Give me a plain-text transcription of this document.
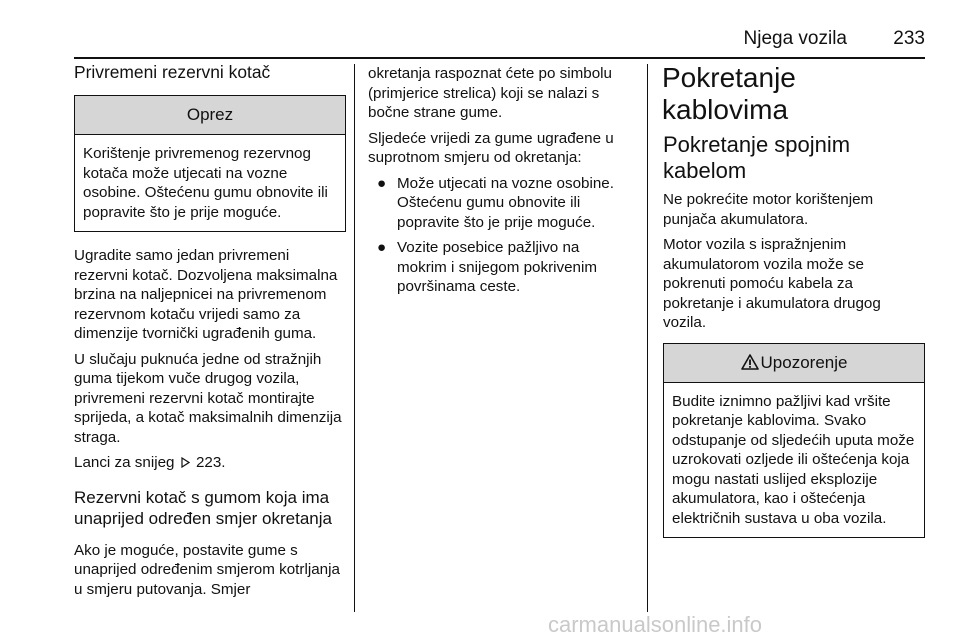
Njega vozila 233
Privremeni rezervni kotač
Oprez
Korištenje privremenog rezervnog kotača može utjecati na vozne osobine. Oštećenu gumu obnovite ili popravite što je prije moguće.

Ugradite samo jedan privremeni rezervni kotač. Dozvoljena maksimalna brzina na naljepnicei na privremenom rezervnom kotaču vrijedi samo za dimenzije tvornički ugrađenih guma.

U slučaju puknuća jedne od stražnjih guma tijekom vuče drugog vozila, privremeni rezervni kotač montirajte sprijeda, a kotač maksimalnih dimenzija straga.

Lanci za snijeg 223.

Rezervni kotač s gumom koja ima unaprijed određen smjer okretanja

Ako je moguće, postavite gume s unaprijed određenim smjerom kotrljanja u smjeru putovanja. Smjer

okretanja raspoznat ćete po simbolu (primjerice strelica) koji se nalazi s bočne strane gume.

Sljedeće vrijedi za gume ugrađene u suprotnom smjeru od okretanja:

● Može utjecati na vozne osobine. Oštećenu gumu obnovite ili popravite što je prije moguće.
● Vozite posebice pažljivo na mokrim i snijegom pokrivenim površinama ceste.
Pokretanje kablovima
Pokretanje spojnim kabelom

Ne pokrećite motor korištenjem punjača akumulatora.

Motor vozila s ispražnjenim akumulatorom vozila može se pokrenuti pomoću kabela za pokretanje i akumulatora drugog vozila.

Upozorenje
Budite iznimno pažljivi kad vršite pokretanje kablovima. Svako odstupanje od sljedećih uputa može uzrokovati ozljede ili oštećenja koja mogu nastati uslijed eksplozije akumulatora, kao i oštećenja električnih sustava u oba vozila.
carmanualsonline.info
